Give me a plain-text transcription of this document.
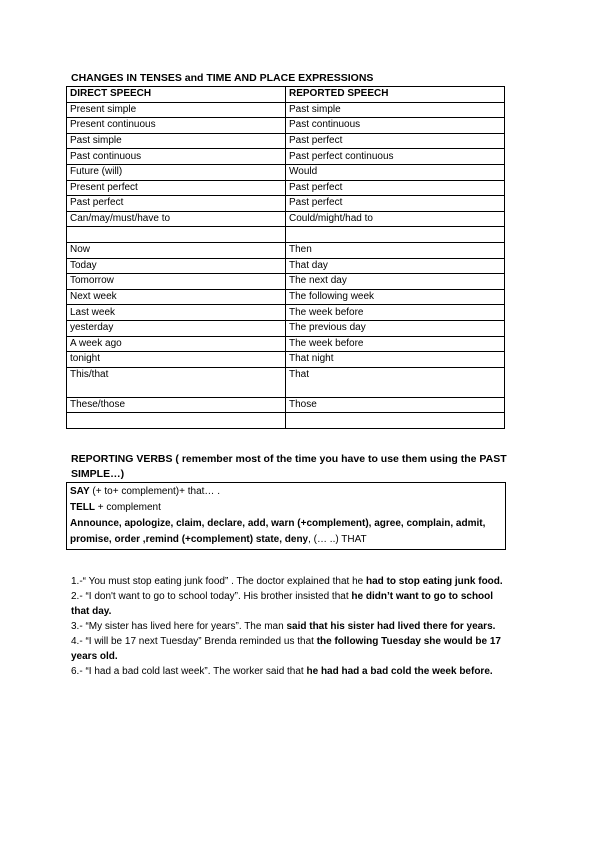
CHANGES IN TENSES and TIME AND PLACE EXPRESSIONS
DIRECT SPEECH	REPORTED SPEECH
Present simple	Past simple
Present continuous	Past continuous
Past simple	Past perfect
Past continuous	Past perfect continuous
Future (will)	Would
Present perfect	Past perfect
Past perfect	Past perfect
Can/may/must/have to	Could/might/had to

Now	Then
Today	That day
Tomorrow	The next day
Next week	The following week
Last week	The week before
yesterday	The previous day
A week ago	The week before
tonight	That night
This/that	That
These/those	Those

REPORTING VERBS ( remember most of the time you have to use them using the PAST SIMPLE…)
SAY (+ to+ complement)+ that… .
TELL + complement
Announce, apologize, claim, declare, add, warn (+complement), agree, complain, admit, promise, order ,remind (+complement) state, deny, (… ..) THAT

1.-“ You must stop eating junk food” . The doctor explained that he had to stop eating junk food.

2.- “I don't want to go to school today”. His brother insisted that he didn’t want to go to school that day.

3.- “My sister has lived here for years”. The man said that his sister had lived there for years.

4.- “I will be 17 next Tuesday” Brenda reminded us that the following Tuesday she would be 17 years old.

6.- “I had a bad cold last week”. The worker said that he had had a bad cold the week before.
